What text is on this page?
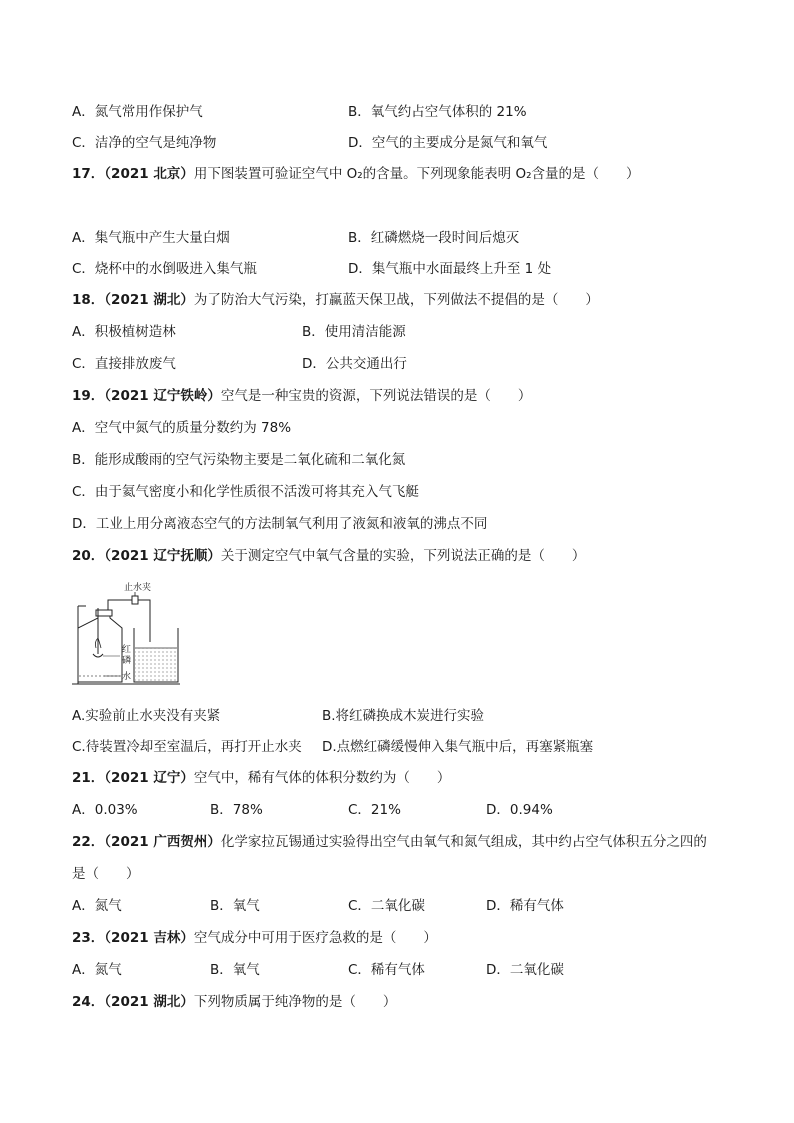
A．氮气常用作保护气	B．氧气约占空气体积的 21%
C．洁净的空气是纯净物	D．空气的主要成分是氮气和氧气
17．（2021 北京）用下图装置可验证空气中 O₂的含量。下列现象能表明 O₂含量的是（　　）
A．集气瓶中产生大量白烟	B．红磷燃烧一段时间后熄灭
C．烧杯中的水倒吸进入集气瓶	D．集气瓶中水面最终上升至 1 处
18．（2021 湖北）为了防治大气污染，打赢蓝天保卫战，下列做法不提倡的是（　　）
A．积极植树造林	B．使用清洁能源
C．直接排放废气	D．公共交通出行
19．（2021 辽宁铁岭）空气是一种宝贵的资源，下列说法错误的是（　　）
A．空气中氮气的质量分数约为 78%
B．能形成酸雨的空气污染物主要是二氧化硫和二氧化氮
C．由于氦气密度小和化学性质很不活泼可将其充入气飞艇
D．工业上用分离液态空气的方法制氧气利用了液氮和液氧的沸点不同
20．（2021 辽宁抚顺）关于测定空气中氧气含量的实验，下列说法正确的是（　　）
止水夹
红
磷
水
A.实验前止水夹没有夹紧	B.将红磷换成木炭进行实验
C.待装置冷却至室温后，再打开止水夹 D.点燃红磷缓慢伸入集气瓶中后，再塞紧瓶塞
21．（2021 辽宁）空气中，稀有气体的体积分数约为（　　）
A．0.03%	B．78%	C．21%	D．0.94%
22．（2021 广西贺州）化学家拉瓦锡通过实验得出空气由氧气和氮气组成，其中约占空气体积五分之四的
是（　　）
A．氮气	B．氧气	C．二氧化碳	D．稀有气体
23．（2021 吉林）空气成分中可用于医疗急救的是（　　）
A．氮气	B．氧气	C．稀有气体	D．二氧化碳
24．（2021 湖北）下列物质属于纯净物的是（　　）
